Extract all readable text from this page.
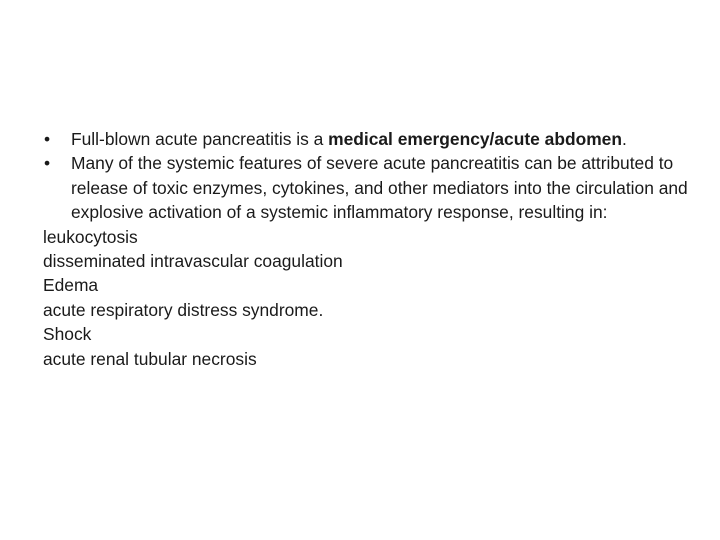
•	Full-blown acute pancreatitis is a medical emergency/acute abdomen.
•	Many of the systemic features of severe acute pancreatitis can be attributed to release of toxic enzymes, cytokines, and other mediators into the circulation and explosive activation of a systemic inflammatory response, resulting in:
leukocytosis
disseminated intravascular coagulation
Edema
acute respiratory distress syndrome.
Shock
acute renal tubular necrosis
